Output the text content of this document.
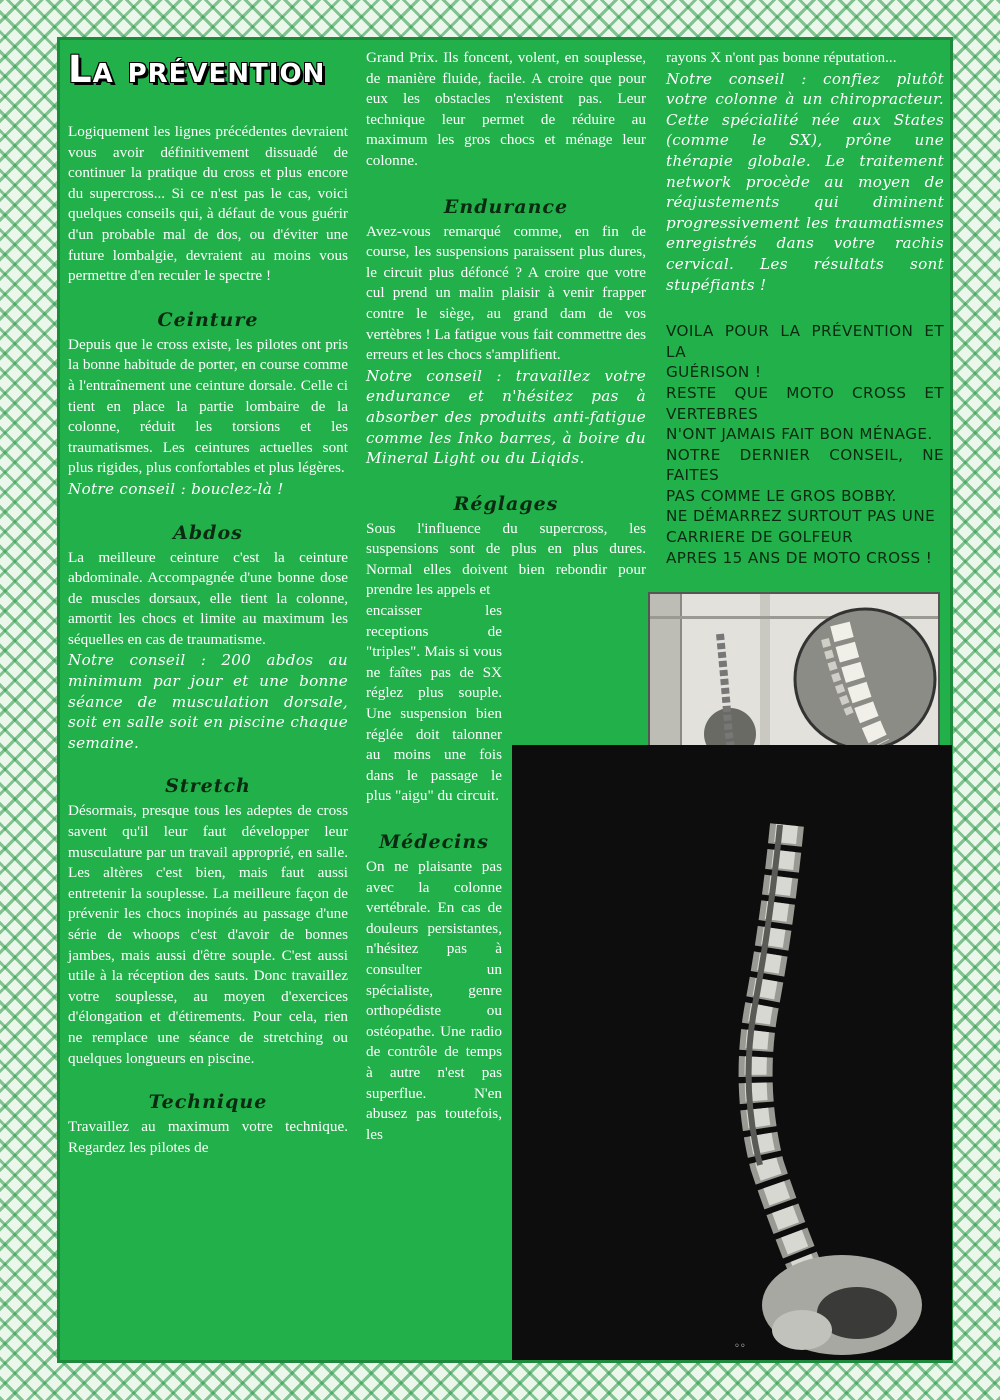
La prévention

Logiquement les lignes précédentes devraient vous avoir définitivement dissuadé de continuer la pratique du cross et plus encore du supercross... Si ce n'est pas le cas, voici quelques conseils qui, à défaut de vous guérir d'un probable mal de dos, ou d'éviter une future lombalgie, devraient au moins vous permettre d'en reculer le spectre !

Ceinture

Depuis que le cross existe, les pilotes ont pris la bonne habitude de porter, en course comme à l'entraînement une ceinture dorsale. Celle ci tient en place la partie lombaire de la colonne, réduit les torsions et les traumatismes. Les ceintures actuelles sont plus rigides, plus confortables et plus légères.

Notre conseil : bouclez-là !

Abdos

La meilleure ceinture c'est la ceinture abdominale. Accompagnée d'une bonne dose de muscles dorsaux, elle tient la colonne, amortit les chocs et limite au maximum les séquelles en cas de traumatisme.

Notre conseil : 200 abdos au minimum par jour et une bonne séance de musculation dorsale, soit en salle soit en piscine chaque semaine.

Stretch

Désormais, presque tous les adeptes de cross savent qu'il leur faut développer leur musculature par un travail approprié, en salle. Les altères c'est bien, mais faut aussi entretenir la souplesse. La meilleure façon de prévenir les chocs inopinés au passage d'une série de whoops c'est d'avoir de bonnes jambes, mais aussi d'être souple. C'est aussi utile à la réception des sauts. Donc travaillez votre souplesse, au moyen d'exercices d'élongation et d'étirements. Pour cela, rien ne remplace une séance de stretching ou quelques longueurs en piscine.

Technique

Travaillez au maximum votre technique. Regardez les pilotes de

Grand Prix. Ils foncent, volent, en souplesse, de manière fluide, facile. A croire que pour eux les obstacles n'existent pas. Leur technique leur permet de réduire au maximum les gros chocs et ménage leur colonne.

Endurance

Avez-vous remarqué comme, en fin de course, les suspensions paraissent plus dures, le circuit plus défoncé ? A croire que votre cul prend un malin plaisir à venir frapper contre le siège, au grand dam de vos vertèbres ! La fatigue vous fait commettre des erreurs et les chocs s'amplifient.

Notre conseil : travaillez votre endurance et n'hésitez pas à absorber des produits anti-fatigue comme les Inko barres, à boire du Mineral Light ou du Liqids.

Réglages

Sous l'influence du supercross, les suspensions sont de plus en plus dures. Normal elles doivent bien rebondir pour prendre les appels et

encaisser les receptions de "triples". Mais si vous ne faîtes pas de SX réglez plus souple. Une suspension bien réglée doit talonner au moins une fois dans le passage le plus "aigu" du circuit.

Médecins

On ne plaisante pas avec la colonne vertébrale. En cas de douleurs persistantes, n'hésitez pas à consulter un spécialiste, genre orthopédiste ou ostéopathe. Une radio de contrôle de temps à autre n'est pas superflue. N'en abusez pas toutefois, les

rayons X n'ont pas bonne réputation...

Notre conseil : confiez plutôt votre colonne à un chiropracteur. Cette spécialité née aux States (comme le SX), prône une thérapie globale. Le traitement network procède au moyen de réajustements qui diminent progressivement les traumatismes enregistrés dans votre rachis cervical. Les résultats sont stupéfiants !

VOILA POUR LA PRÉVENTION ET LA

GUÉRISON !

RESTE QUE MOTO CROSS ET VERTEBRES

N'ONT JAMAIS FAIT BON MÉNAGE.

NOTRE DERNIER CONSEIL, NE FAITES

PAS COMME LE GROS BOBBY.

NE DÉMARREZ SURTOUT PAS UNE

CARRIERE DE GOLFEUR

APRES 15 ANS DE MOTO CROSS !

◦◦
